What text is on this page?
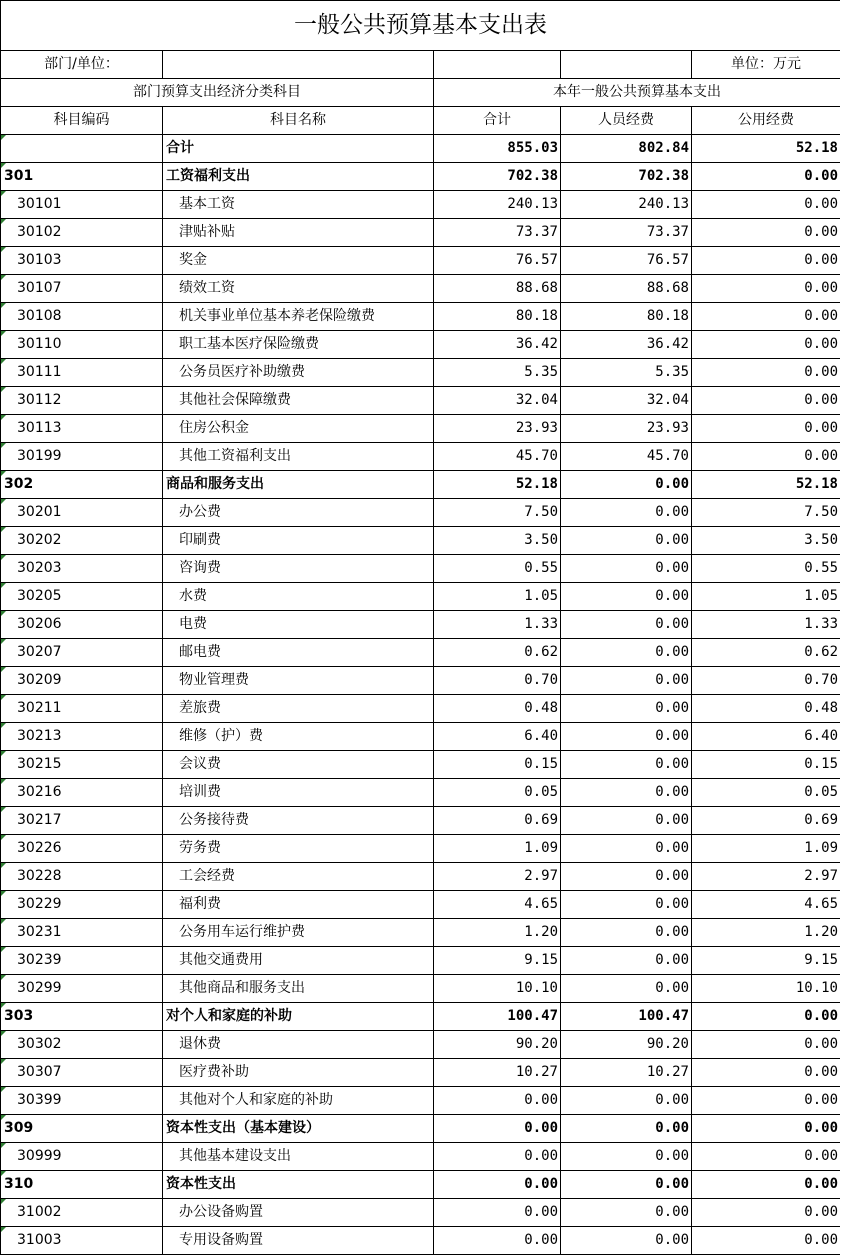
一般公共预算基本支出表				
部门/单位：				单位：万元
部门预算支出经济分类科目		本年一般公共预算基本支出		
科目编码	科目名称	合计	人员经费	公用经费
	合计	855.03	802.84	52.18
301	工资福利支出	702.38	702.38	0.00
30101	基本工资	240.13	240.13	0.00
30102	津贴补贴	73.37	73.37	0.00
30103	奖金	76.57	76.57	0.00
30107	绩效工资	88.68	88.68	0.00
30108	机关事业单位基本养老保险缴费	80.18	80.18	0.00
30110	职工基本医疗保险缴费	36.42	36.42	0.00
30111	公务员医疗补助缴费	5.35	5.35	0.00
30112	其他社会保障缴费	32.04	32.04	0.00
30113	住房公积金	23.93	23.93	0.00
30199	其他工资福利支出	45.70	45.70	0.00
302	商品和服务支出	52.18	0.00	52.18
30201	办公费	7.50	0.00	7.50
30202	印刷费	3.50	0.00	3.50
30203	咨询费	0.55	0.00	0.55
30205	水费	1.05	0.00	1.05
30206	电费	1.33	0.00	1.33
30207	邮电费	0.62	0.00	0.62
30209	物业管理费	0.70	0.00	0.70
30211	差旅费	0.48	0.00	0.48
30213	维修（护）费	6.40	0.00	6.40
30215	会议费	0.15	0.00	0.15
30216	培训费	0.05	0.00	0.05
30217	公务接待费	0.69	0.00	0.69
30226	劳务费	1.09	0.00	1.09
30228	工会经费	2.97	0.00	2.97
30229	福利费	4.65	0.00	4.65
30231	公务用车运行维护费	1.20	0.00	1.20
30239	其他交通费用	9.15	0.00	9.15
30299	其他商品和服务支出	10.10	0.00	10.10
303	对个人和家庭的补助	100.47	100.47	0.00
30302	退休费	90.20	90.20	0.00
30307	医疗费补助	10.27	10.27	0.00
30399	其他对个人和家庭的补助	0.00	0.00	0.00
309	资本性支出（基本建设）	0.00	0.00	0.00
30999	其他基本建设支出	0.00	0.00	0.00
310	资本性支出	0.00	0.00	0.00
31002	办公设备购置	0.00	0.00	0.00
31003	专用设备购置	0.00	0.00	0.00
